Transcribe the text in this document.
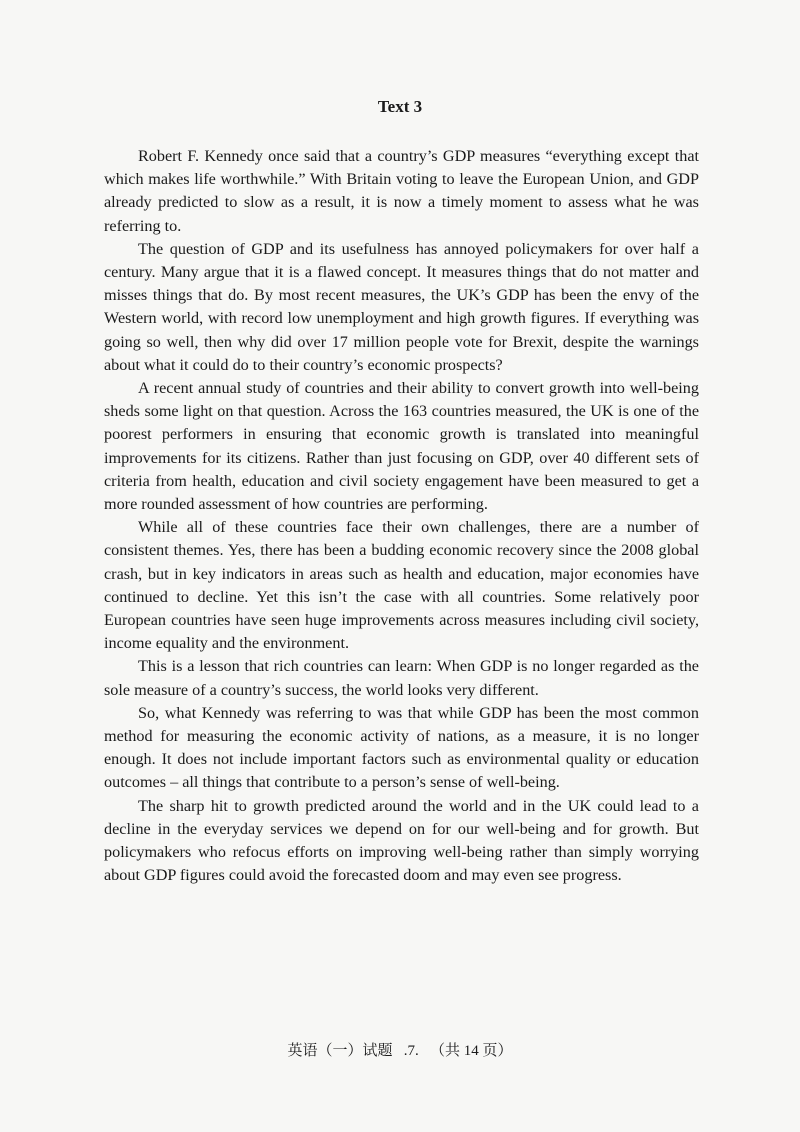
Text 3

Robert F. Kennedy once said that a country’s GDP measures “everything except that which makes life worthwhile.” With Britain voting to leave the European Union, and GDP already predicted to slow as a result, it is now a timely moment to assess what he was referring to.

The question of GDP and its usefulness has annoyed policymakers for over half a century. Many argue that it is a flawed concept. It measures things that do not matter and misses things that do. By most recent measures, the UK’s GDP has been the envy of the Western world, with record low unemployment and high growth figures. If everything was going so well, then why did over 17 million people vote for Brexit, despite the warnings about what it could do to their country’s economic prospects?

A recent annual study of countries and their ability to convert growth into well-being sheds some light on that question. Across the 163 countries measured, the UK is one of the poorest performers in ensuring that economic growth is translated into meaningful improvements for its citizens. Rather than just focusing on GDP, over 40 different sets of criteria from health, education and civil society engagement have been measured to get a more rounded assessment of how countries are performing.

While all of these countries face their own challenges, there are a number of consistent themes. Yes, there has been a budding economic recovery since the 2008 global crash, but in key indicators in areas such as health and education, major economies have continued to decline. Yet this isn’t the case with all countries. Some relatively poor European countries have seen huge improvements across measures including civil society, income equality and the environment.

This is a lesson that rich countries can learn: When GDP is no longer regarded as the sole measure of a country’s success, the world looks very different.

So, what Kennedy was referring to was that while GDP has been the most common method for measuring the economic activity of nations, as a measure, it is no longer enough. It does not include important factors such as environmental quality or education outcomes – all things that contribute to a person’s sense of well-being.

The sharp hit to growth predicted around the world and in the UK could lead to a decline in the everyday services we depend on for our well-being and for growth. But policymakers who refocus efforts on improving well-being rather than simply worrying about GDP figures could avoid the forecasted doom and may even see progress.

英语（一）试题   .7.   （共 14 页）
